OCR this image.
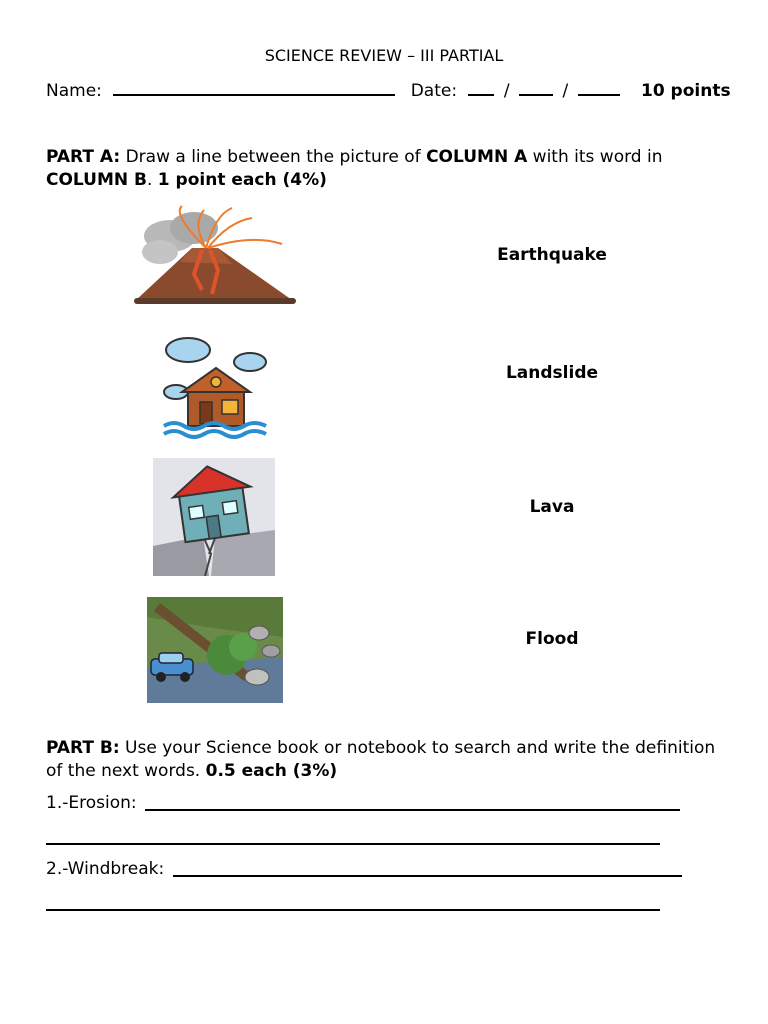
SCIENCE REVIEW – III PARTIAL
Name:	Date:	/	/	10 points
PART A: Draw a line between the picture of COLUMN A with its word in
COLUMN B. 1 point each (4%)
Earthquake
Landslide
Lava
Flood
PART B: Use your Science book or notebook to search and write the definition of the next words. 0.5 each (3%)
1.-Erosion:
2.-Windbreak:
